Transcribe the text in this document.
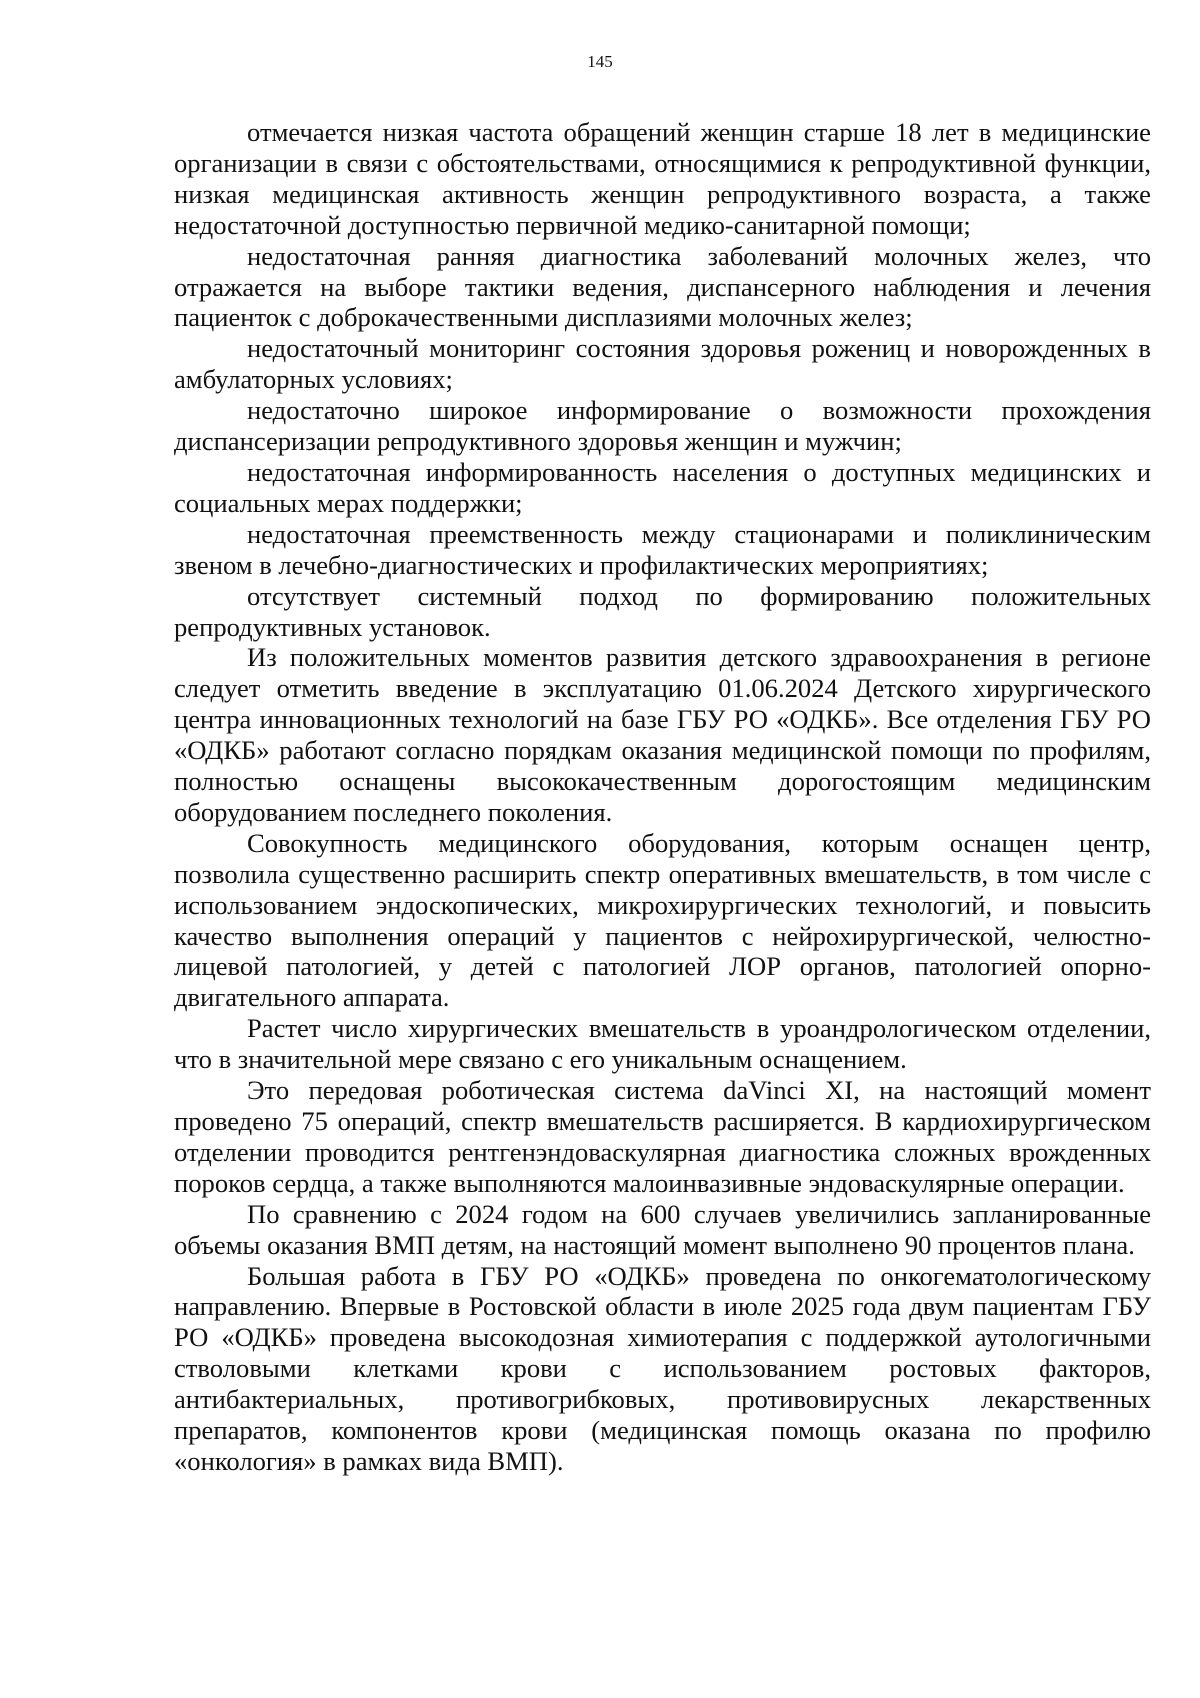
145

отмечается низкая частота обращений женщин старше 18 лет в медицинские организации в связи с обстоятельствами, относящимися к репродуктивной функции, низкая медицинская активность женщин репродуктивного возраста, а также недостаточной доступностью первичной медико-санитарной помощи;

недостаточная ранняя диагностика заболеваний молочных желез, что отражается на выборе тактики ведения, диспансерного наблюдения и лечения пациенток с доброкачественными дисплазиями молочных желез;

недостаточный мониторинг состояния здоровья рожениц и новорожденных в амбулаторных условиях;

недостаточно широкое информирование о возможности прохождения диспансеризации репродуктивного здоровья женщин и мужчин;

недостаточная информированность населения о доступных медицинских и социальных мерах поддержки;

недостаточная преемственность между стационарами и поликлиническим звеном в лечебно-диагностических и профилактических мероприятиях;

отсутствует системный подход по формированию положительных репродуктивных установок.

Из положительных моментов развития детского здравоохранения в регионе следует отметить введение в эксплуатацию 01.06.2024 Детского хирургического центра инновационных технологий на базе ГБУ РО «ОДКБ». Все отделения ГБУ РО «ОДКБ» работают согласно порядкам оказания медицинской помощи по профилям, полностью оснащены высококачественным дорогостоящим медицинским оборудованием последнего поколения.

Совокупность медицинского оборудования, которым оснащен центр, позволила существенно расширить спектр оперативных вмешательств, в том числе с использованием эндоскопических, микрохирургических технологий, и повысить качество выполнения операций у пациентов с нейрохирургической, челюстно-лицевой патологией, у детей с патологией ЛОР органов, патологией опорно-двигательного аппарата.

Растет число хирургических вмешательств в уроандрологическом отделении, что в значительной мере связано с его уникальным оснащением.

Это передовая роботическая система daVinci XI, на настоящий момент проведено 75 операций, спектр вмешательств расширяется. В кардиохирургическом отделении проводится рентгенэндоваскулярная диагностика сложных врожденных пороков сердца, а также выполняются малоинвазивные эндоваскулярные операции.

По сравнению с 2024 годом на 600 случаев увеличились запланированные объемы оказания ВМП детям, на настоящий момент выполнено 90 процентов плана.

Большая работа в ГБУ РО «ОДКБ» проведена по онкогематологическому направлению. Впервые в Ростовской области в июле 2025 года двум пациентам ГБУ РО «ОДКБ» проведена высокодозная химиотерапия с поддержкой аутологичными стволовыми клетками крови с использованием ростовых факторов, антибактериальных, противогрибковых, противовирусных лекарственных препаратов, компонентов крови (медицинская помощь оказана по профилю «онкология» в рамках вида ВМП).
